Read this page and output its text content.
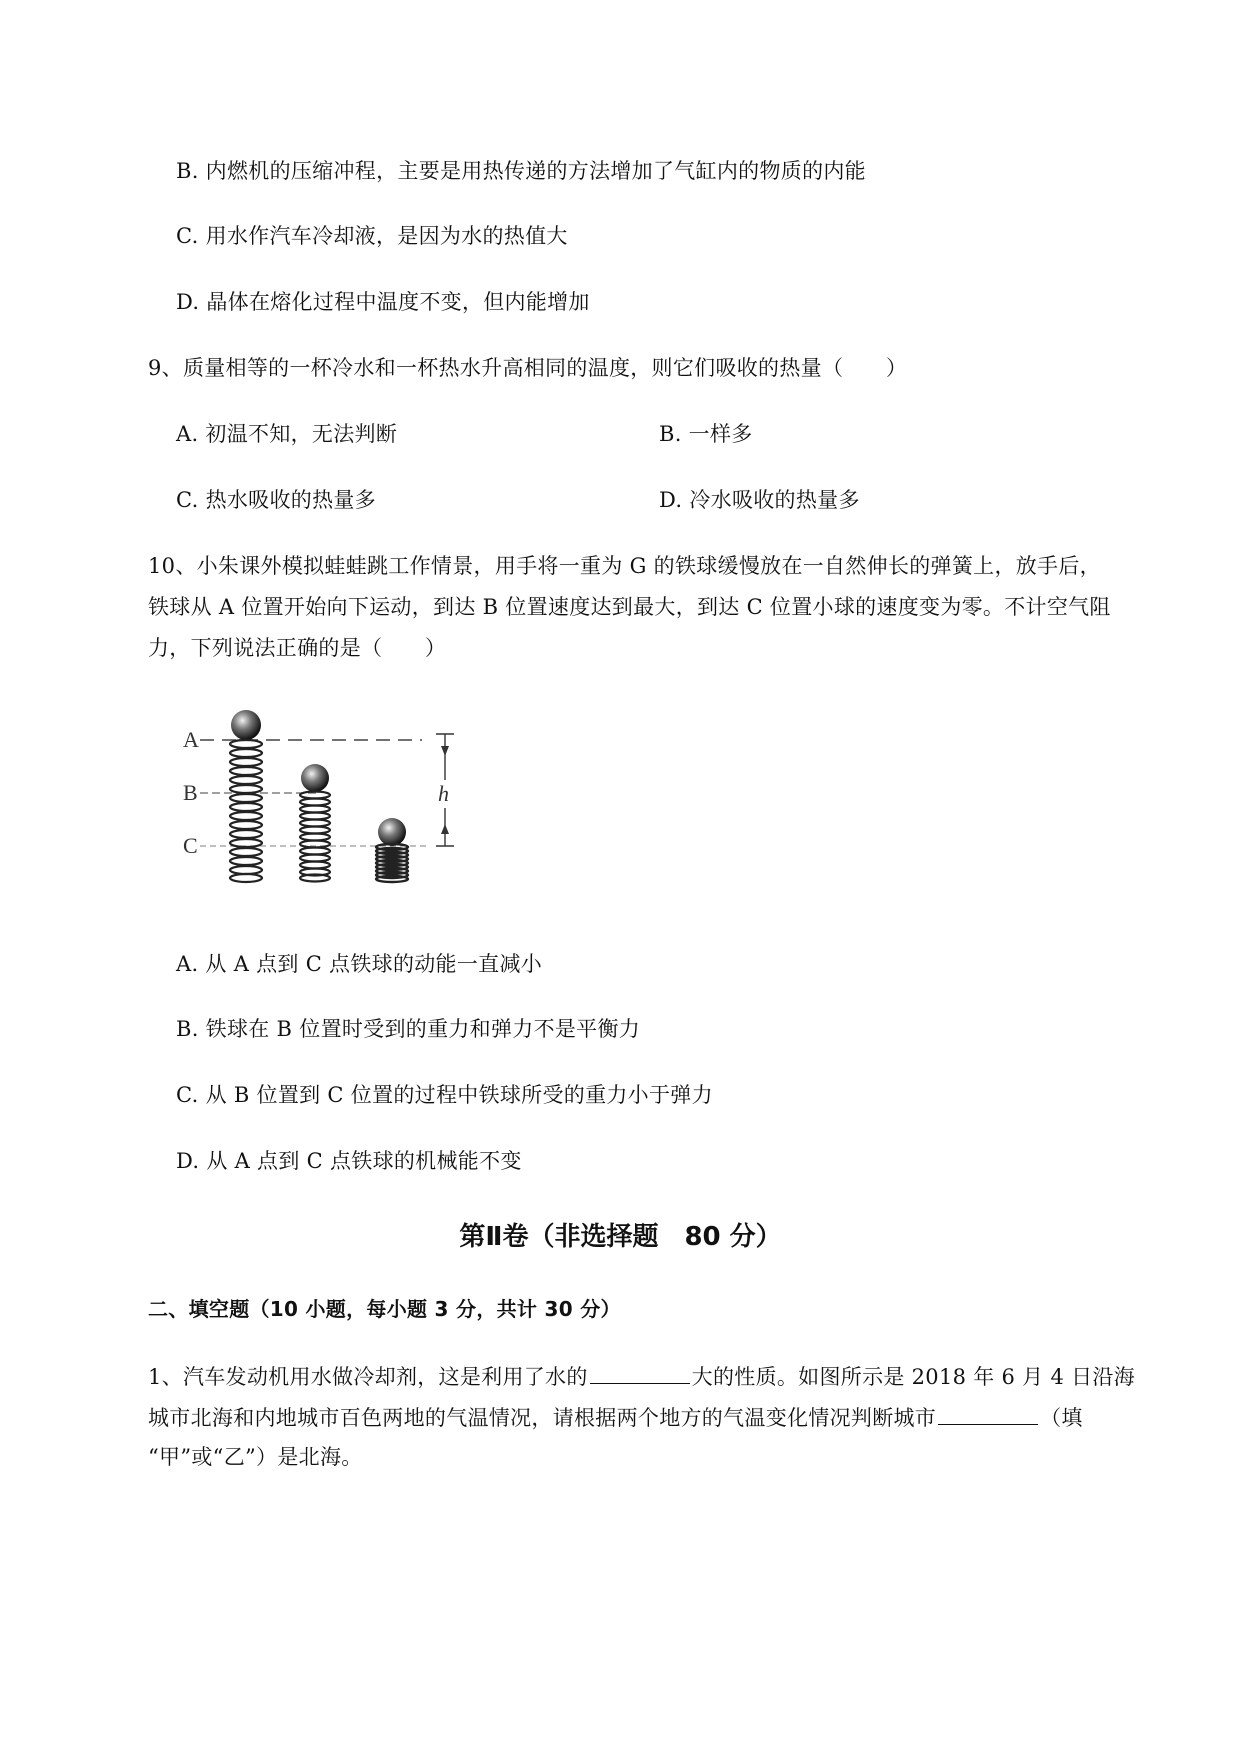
B. 内燃机的压缩冲程，主要是用热传递的方法增加了气缸内的物质的内能
C. 用水作汽车冷却液，是因为水的热值大
D. 晶体在熔化过程中温度不变，但内能增加
9、质量相等的一杯冷水和一杯热水升高相同的温度，则它们吸收的热量（　　）
A. 初温不知，无法判断	B. 一样多
C. 热水吸收的热量多	D. 冷水吸收的热量多
10、小朱课外模拟蛙蛙跳工作情景，用手将一重为 G 的铁球缓慢放在一自然伸长的弹簧上，放手后，
铁球从 A 位置开始向下运动，到达 B 位置速度达到最大，到达 C 位置小球的速度变为零。不计空气阻
力，下列说法正确的是（　　）
A
B
C
h
A. 从 A 点到 C 点铁球的动能一直减小
B. 铁球在 B 位置时受到的重力和弹力不是平衡力
C. 从 B 位置到 C 位置的过程中铁球所受的重力小于弹力
D. 从 A 点到 C 点铁球的机械能不变
第Ⅱ卷（非选择题　80 分）
二、填空题（10 小题，每小题 3 分，共计 30 分）
1、汽车发动机用水做冷却剂，这是利用了水的	大的性质。如图所示是 2018 年 6 月 4 日沿海
城市北海和内地城市百色两地的气温情况，请根据两个地方的气温变化情况判断城市	（填
“甲”或“乙”）是北海。
